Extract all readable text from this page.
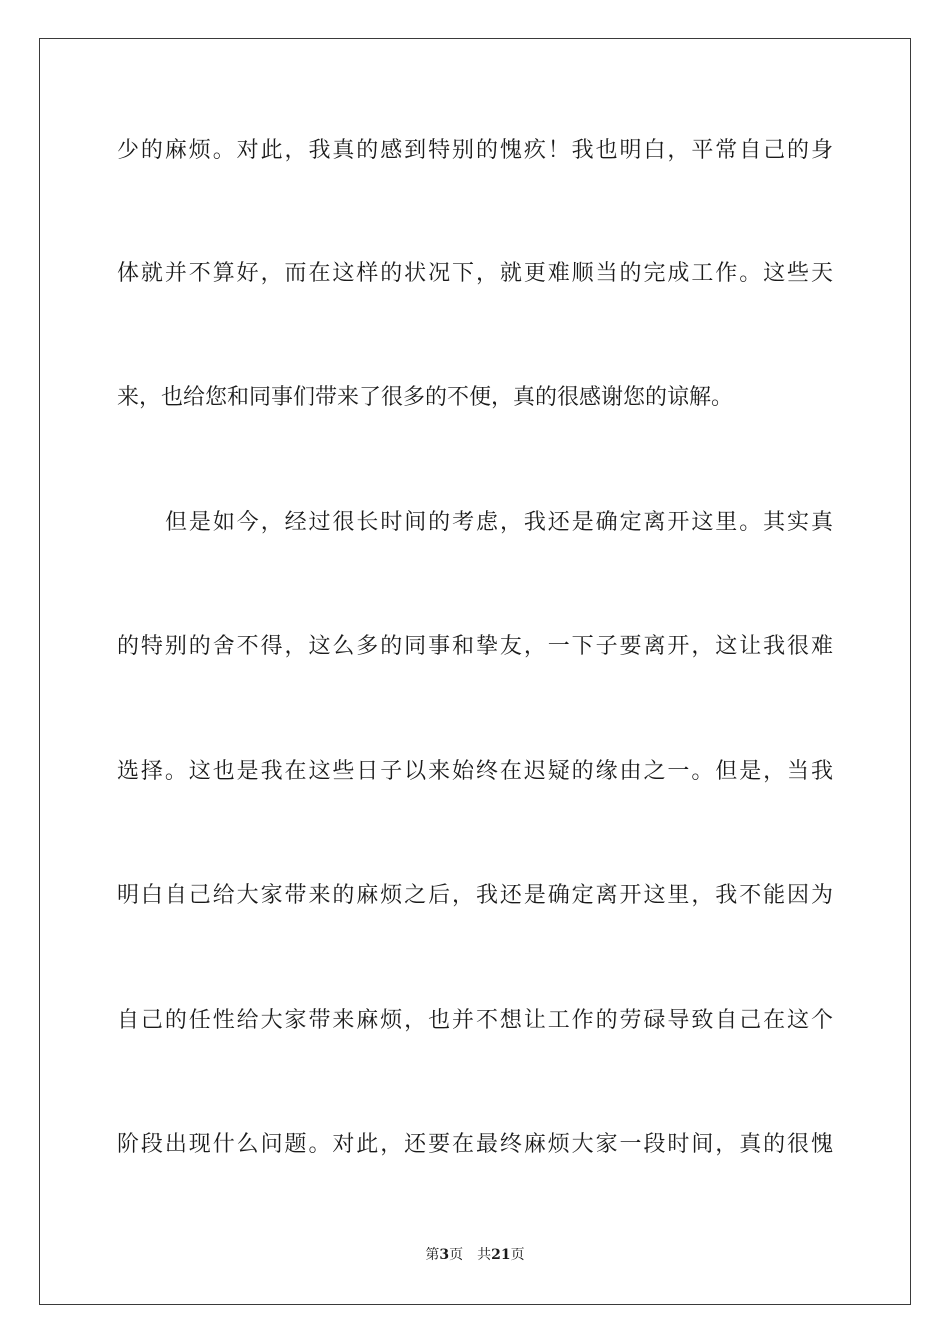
少的麻烦。对此，我真的感到特别的愧疚！我也明白，平常自己的身
体就并不算好，而在这样的状况下，就更难顺当的完成工作。这些天
来，也给您和同事们带来了很多的不便，真的很感谢您的谅解。
但是如今，经过很长时间的考虑，我还是确定离开这里。其实真
的特别的舍不得，这么多的同事和挚友，一下子要离开，这让我很难
选择。这也是我在这些日子以来始终在迟疑的缘由之一。但是，当我
明白自己给大家带来的麻烦之后，我还是确定离开这里，我不能因为
自己的任性给大家带来麻烦，也并不想让工作的劳碌导致自己在这个
阶段出现什么问题。对此，还要在最终麻烦大家一段时间，真的很愧
第3页 共21页
